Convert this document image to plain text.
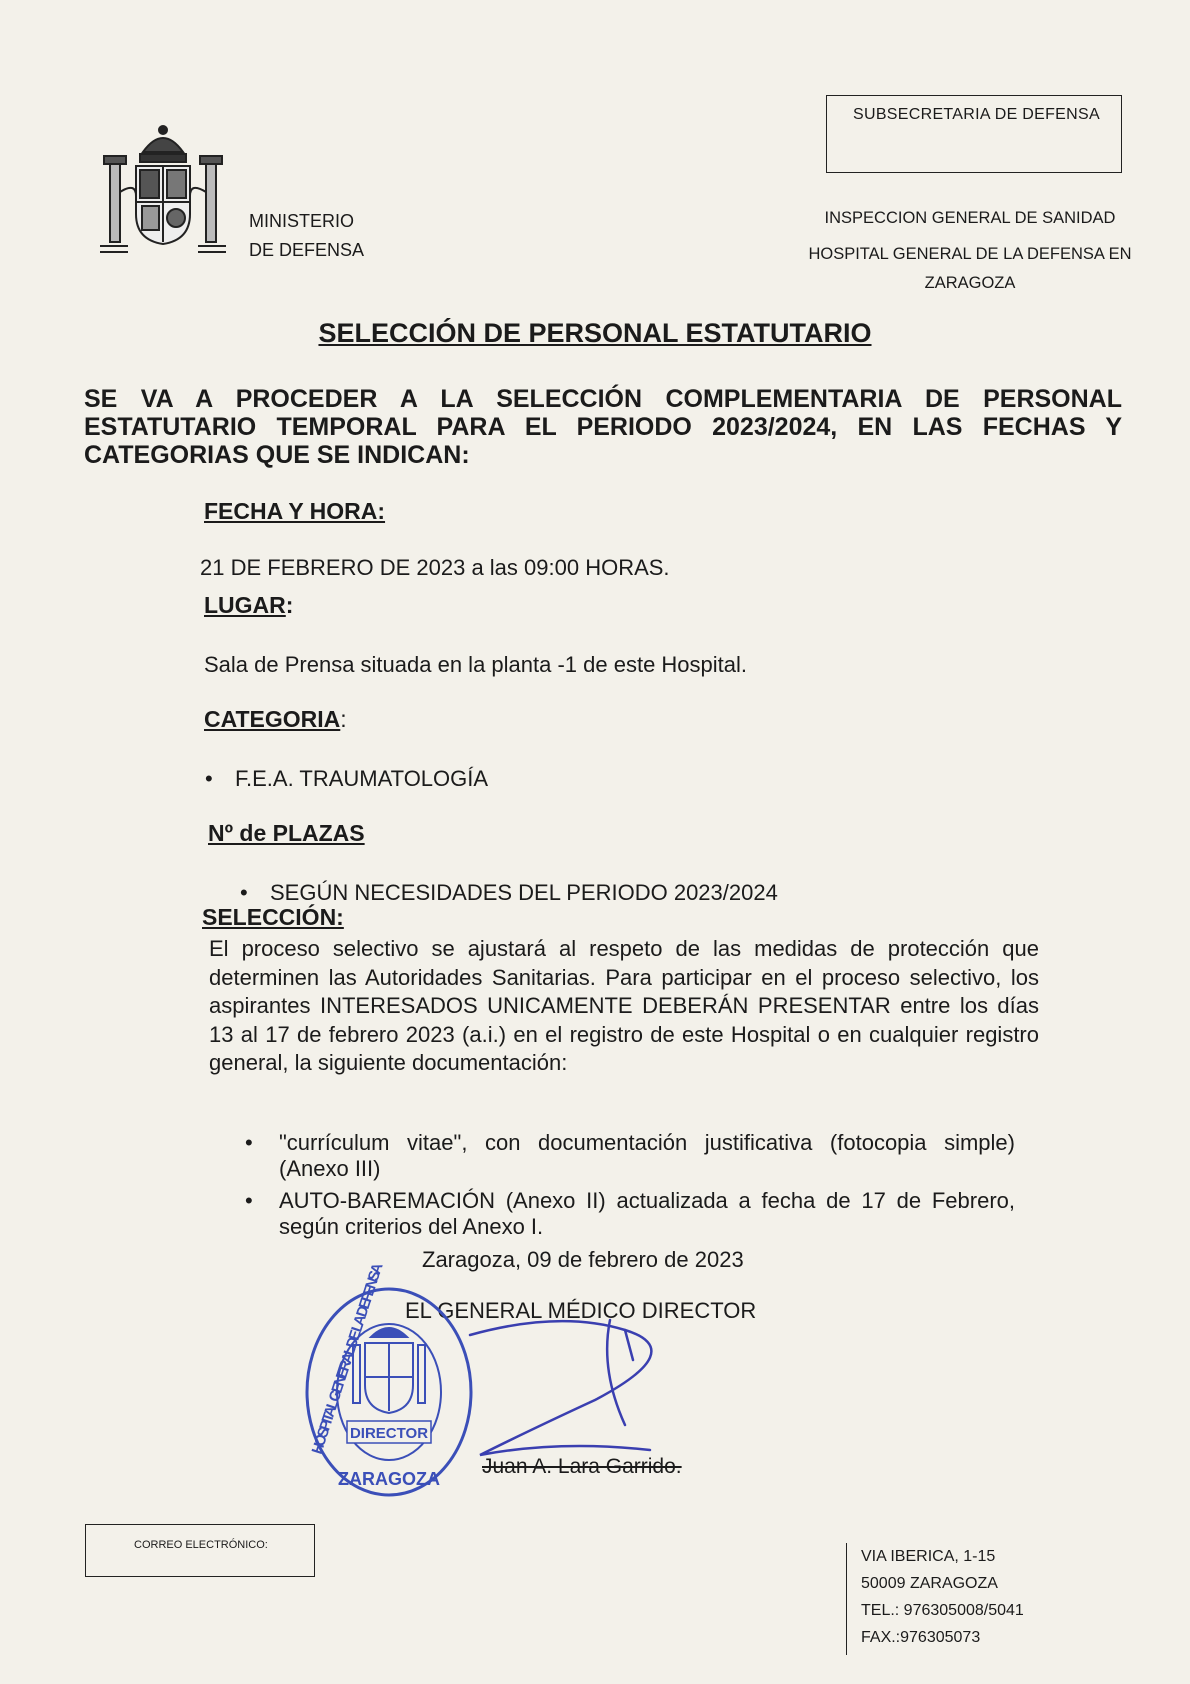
SUBSECRETARIA DE DEFENSA
MINISTERIO
DE DEFENSA
INSPECCION GENERAL DE SANIDAD
HOSPITAL GENERAL DE LA DEFENSA EN
ZARAGOZA
SELECCIÓN DE PERSONAL ESTATUTARIO
SE VA A PROCEDER A LA SELECCIÓN COMPLEMENTARIA DE PERSONAL ESTATUTARIO TEMPORAL PARA EL PERIODO 2023/2024, EN LAS FECHAS Y CATEGORIAS QUE SE INDICAN:
FECHA Y HORA:
21 DE FEBRERO DE 2023 a las 09:00 HORAS.
LUGAR:
Sala de Prensa situada en la planta -1 de este Hospital.
CATEGORIA:
• F.E.A. TRAUMATOLOGÍA
Nº de PLAZAS
• SEGÚN NECESIDADES DEL PERIODO 2023/2024
SELECCIÓN:
El proceso selectivo se ajustará al respeto de las medidas de protección que determinen las Autoridades Sanitarias. Para participar en el proceso selectivo, los aspirantes INTERESADOS UNICAMENTE DEBERÁN PRESENTAR entre los días 13 al 17 de febrero 2023 (a.i.) en el registro de este Hospital o en cualquier registro general, la siguiente documentación:
• "currículum vitae", con documentación justificativa (fotocopia simple) (Anexo III)
• AUTO-BAREMACIÓN (Anexo II) actualizada a fecha de 17 de Febrero, según criterios del Anexo I.
Zaragoza, 09 de febrero de 2023
EL GENERAL MÉDICO DIRECTOR
DIRECTOR
HOSPITAL GENERAL DE LA DEFENSA
ZARAGOZA
Juan A. Lara Garrido.
CORREO ELECTRÓNICO:
VIA IBERICA, 1-15
50009 ZARAGOZA
TEL.: 976305008/5041
FAX.:976305073
